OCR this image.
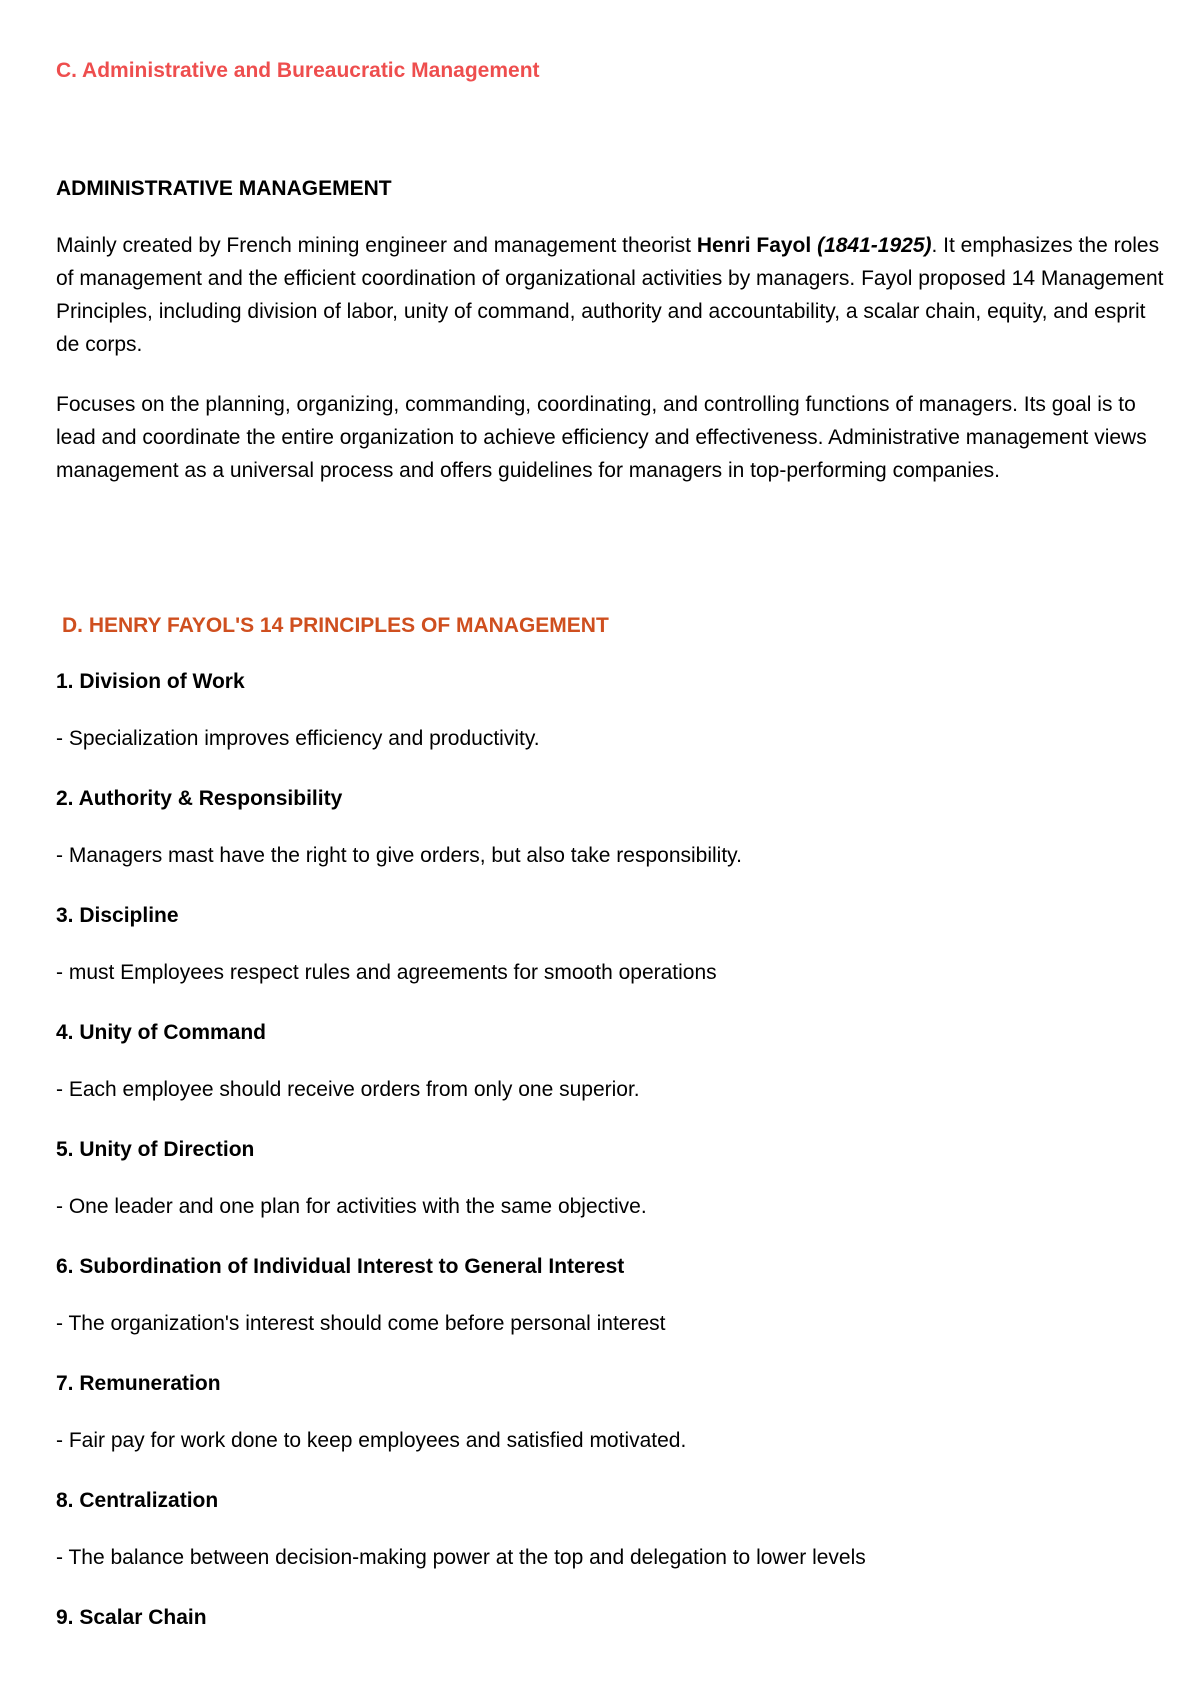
C. Administrative and Bureaucratic Management
ADMINISTRATIVE MANAGEMENT
Mainly created by French mining engineer and management theorist Henri Fayol (1841-1925). It emphasizes the roles of management and the efficient coordination of organizational activities by managers. Fayol proposed 14 Management Principles, including division of labor, unity of command, authority and accountability, a scalar chain, equity, and esprit de corps.
Focuses on the planning, organizing, commanding, coordinating, and controlling functions of managers. Its goal is to lead and coordinate the entire organization to achieve efficiency and effectiveness. Administrative management views management as a universal process and offers guidelines for managers in top-performing companies.
D. HENRY FAYOL'S 14 PRINCIPLES OF MANAGEMENT
1. Division of Work
- Specialization improves efficiency and productivity.
2. Authority & Responsibility
- Managers mast have the right to give orders, but also take responsibility.
3. Discipline
- must Employees respect rules and agreements for smooth operations
4. Unity of Command
- Each employee should receive orders from only one superior.
5. Unity of Direction
- One leader and one plan for activities with the same objective.
6. Subordination of Individual Interest to General Interest
- The organization's interest should come before personal interest
7. Remuneration
- Fair pay for work done to keep employees and satisfied motivated.
8. Centralization
- The balance between decision-making power at the top and delegation to lower levels
9. Scalar Chain
